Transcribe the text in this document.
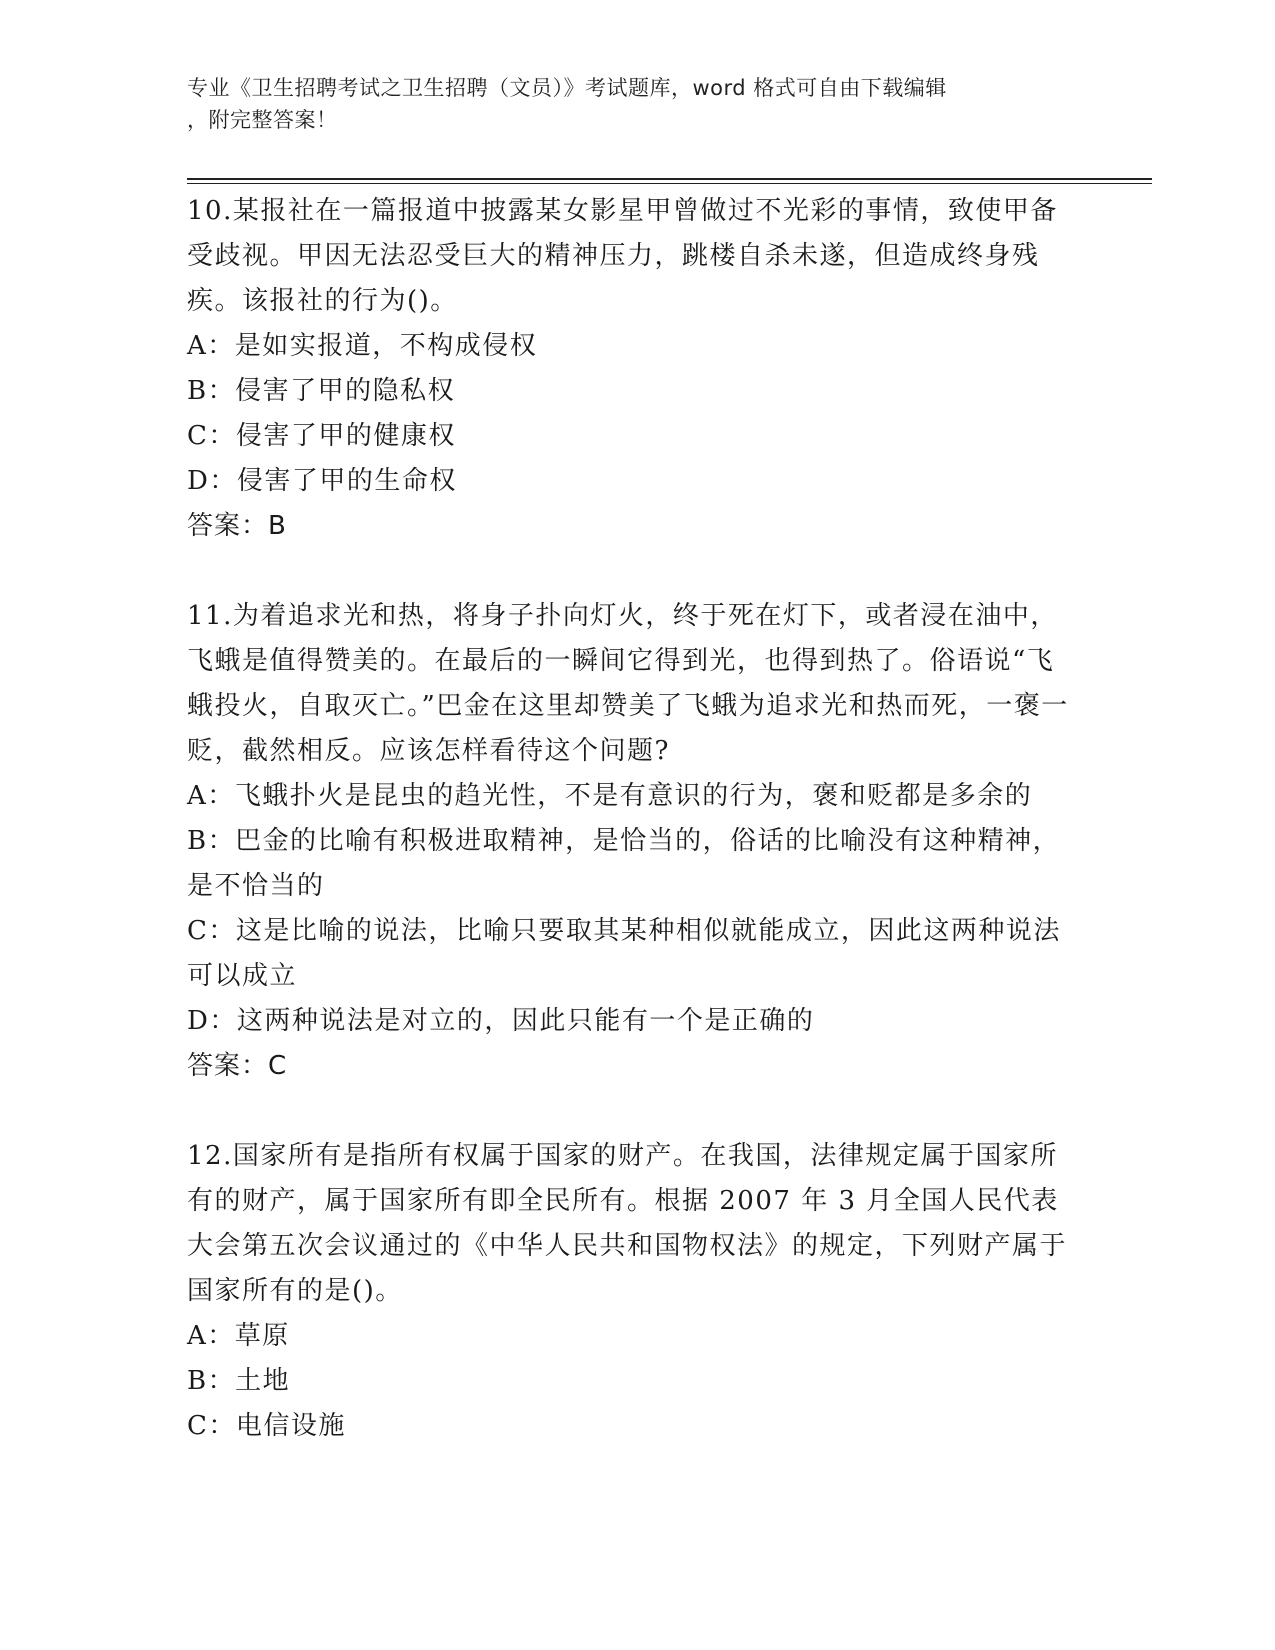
专业《卫生招聘考试之卫生招聘（文员）》考试题库，word 格式可自由下载编辑
，附完整答案！

10.某报社在一篇报道中披露某女影星甲曾做过不光彩的事情，致使甲备受歧视。甲因无法忍受巨大的精神压力，跳楼自杀未遂，但造成终身残疾。该报社的行为()。

A：是如实报道，不构成侵权

B：侵害了甲的隐私权

C：侵害了甲的健康权

D：侵害了甲的生命权

答案：B

11.为着追求光和热，将身子扑向灯火，终于死在灯下，或者浸在油中，飞蛾是值得赞美的。在最后的一瞬间它得到光，也得到热了。俗语说“飞蛾投火，自取灭亡。”巴金在这里却赞美了飞蛾为追求光和热而死，一褒一贬，截然相反。应该怎样看待这个问题?

A：飞蛾扑火是昆虫的趋光性，不是有意识的行为，褒和贬都是多余的

B：巴金的比喻有积极进取精神，是恰当的，俗话的比喻没有这种精神，是不恰当的

C：这是比喻的说法，比喻只要取其某种相似就能成立，因此这两种说法可以成立

D：这两种说法是对立的，因此只能有一个是正确的

答案：C

12.国家所有是指所有权属于国家的财产。在我国，法律规定属于国家所有的财产，属于国家所有即全民所有。根据 2007 年 3 月全国人民代表大会第五次会议通过的《中华人民共和国物权法》的规定，下列财产属于国家所有的是()。

A：草原

B：土地

C：电信设施
